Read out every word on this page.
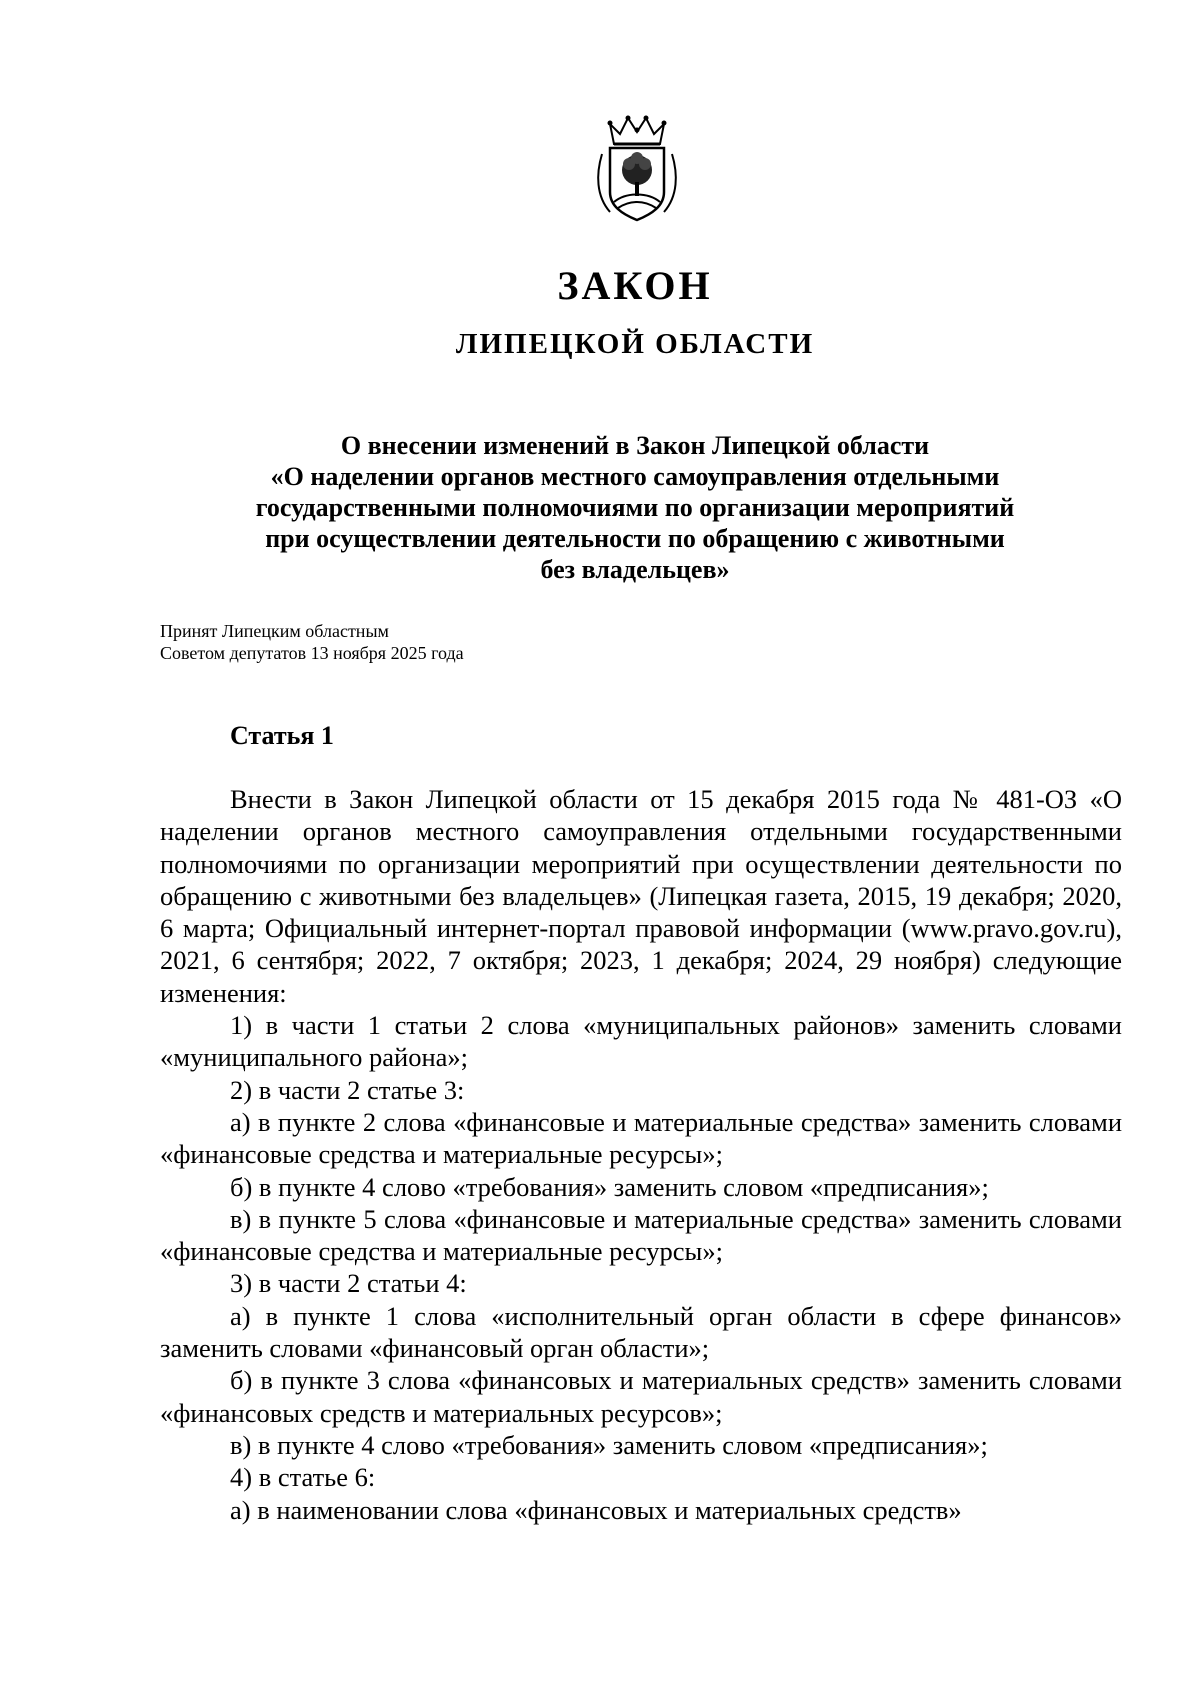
ЗАКОН
ЛИПЕЦКОЙ ОБЛАСТИ
О внесении изменений в Закон Липецкой области
«О наделении органов местного самоуправления отдельными
государственными полномочиями по организации мероприятий
при осуществлении деятельности по обращению с животными
без владельцев»
Принят Липецким областным
Советом депутатов 13 ноября 2025 года
Статья 1

Внести в Закон Липецкой области от 15 декабря 2015 года № 481-ОЗ «О наделении органов местного самоуправления отдельными государственными полномочиями по организации мероприятий при осуществлении деятельности по обращению с животными без владельцев» (Липецкая газета, 2015, 19 декабря; 2020, 6 марта; Официальный интернет-портал правовой информации (www.pravo.gov.ru), 2021, 6 сентября; 2022, 7 октября; 2023, 1 декабря; 2024, 29 ноября) следующие изменения:

1) в части 1 статьи 2 слова «муниципальных районов» заменить словами «муниципального района»;

2) в части 2 статье 3:

а) в пункте 2 слова «финансовые и материальные средства» заменить словами «финансовые средства и материальные ресурсы»;

б) в пункте 4 слово «требования» заменить словом «предписания»;

в) в пункте 5 слова «финансовые и материальные средства» заменить словами «финансовые средства и материальные ресурсы»;

3) в части 2 статьи 4:

а) в пункте 1 слова «исполнительный орган области в сфере финансов» заменить словами «финансовый орган области»;

б) в пункте 3 слова «финансовых и материальных средств» заменить словами «финансовых средств и материальных ресурсов»;

в) в пункте 4 слово «требования» заменить словом «предписания»;

4) в статье 6:

а) в наименовании слова «финансовых и материальных средств»
